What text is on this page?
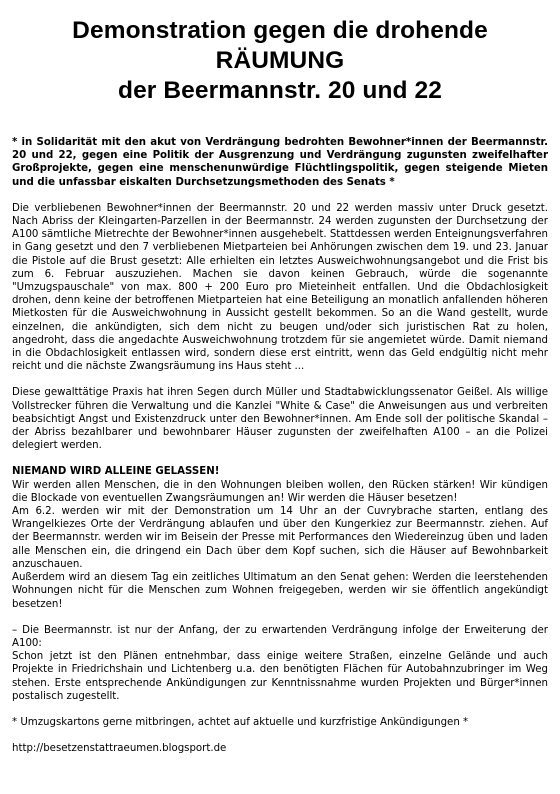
Demonstration gegen die drohende RÄUMUNG
der Beermannstr. 20 und 22

* in Solidarität mit den akut von Verdrängung bedrohten Bewohner*innen der Beermannstr. 20 und 22, gegen eine Politik der Ausgrenzung und Verdrängung zugunsten zweifelhafter Großprojekte, gegen eine menschenunwürdige Flüchtlingspolitik, gegen steigende Mieten und die unfassbar eiskalten Durchsetzungsmethoden des Senats *

Die verbliebenen Bewohner*innen der Beermannstr. 20 und 22 werden massiv unter Druck gesetzt. Nach Abriss der Kleingarten-Parzellen in der Beermannstr. 24 werden zugunsten der Durchsetzung der A100 sämtliche Mietrechte der Bewohner*innen ausgehebelt. Stattdessen werden Enteignungsverfahren in Gang gesetzt und den 7 verbliebenen Mietparteien bei Anhörungen zwischen dem 19. und 23. Januar die Pistole auf die Brust gesetzt: Alle erhielten ein letztes Ausweichwohnungsangebot und die Frist bis zum 6. Februar auszuziehen. Machen sie davon keinen Gebrauch, würde die sogenannte "Umzugspauschale" von max. 800 + 200 Euro pro Mieteinheit entfallen. Und die Obdachlosigkeit drohen, denn keine der betroffenen Mietparteien hat eine Beteiligung an monatlich anfallenden höheren Mietkosten für die Ausweichwohnung in Aussicht gestellt bekommen. So an die Wand gestellt, wurde einzelnen, die ankündigten, sich dem nicht zu beugen und/oder sich juristischen Rat zu holen, angedroht, dass die angedachte Ausweichwohnung trotzdem für sie angemietet würde. Damit niemand in die Obdachlosigkeit entlassen wird, sondern diese erst eintritt, wenn das Geld endgültig nicht mehr reicht und die nächste Zwangsräumung ins Haus steht ...

Diese gewalttätige Praxis hat ihren Segen durch Müller und Stadtabwicklungssenator Geißel. Als willige Vollstrecker führen die Verwaltung und die Kanzlei "White & Case" die Anweisungen aus und verbreiten beabsichtigt Angst und Existenzdruck unter den Bewohner*innen. Am Ende soll der politische Skandal – der Abriss bezahlbarer und bewohnbarer Häuser zugunsten der zweifelhaften A100 – an die Polizei delegiert werden.

NIEMAND WIRD ALLEINE GELASSEN!

Wir werden allen Menschen, die in den Wohnungen bleiben wollen, den Rücken stärken! Wir kündigen die Blockade von eventuellen Zwangsräumungen an! Wir werden die Häuser besetzen!

Am 6.2. werden wir mit der Demonstration um 14 Uhr an der Cuvrybrache starten, entlang des Wrangelkiezes Orte der Verdrängung ablaufen und über den Kungerkiez zur Beermannstr. ziehen. Auf der Beermannstr. werden wir im Beisein der Presse mit Performances den Wiedereinzug üben und laden alle Menschen ein, die dringend ein Dach über dem Kopf suchen, sich die Häuser auf Bewohnbarkeit anzuschauen.

Außerdem wird an diesem Tag ein zeitliches Ultimatum an den Senat gehen: Werden die leerstehenden Wohnungen nicht für die Menschen zum Wohnen freigegeben, werden wir sie öffentlich angekündigt besetzen!

– Die Beermannstr. ist nur der Anfang, der zu erwartenden Verdrängung infolge der Erweiterung der A100:

Schon jetzt ist den Plänen entnehmbar, dass einige weitere Straßen, einzelne Gelände und auch Projekte in Friedrichshain und Lichtenberg u.a. den benötigten Flächen für Autobahnzubringer im Weg stehen. Erste entsprechende Ankündigungen zur Kenntnissnahme wurden Projekten und Bürger*innen postalisch zugestellt.

* Umzugskartons gerne mitbringen, achtet auf aktuelle und kurzfristige Ankündigungen *

http://besetzenstattraeumen.blogsport.de
